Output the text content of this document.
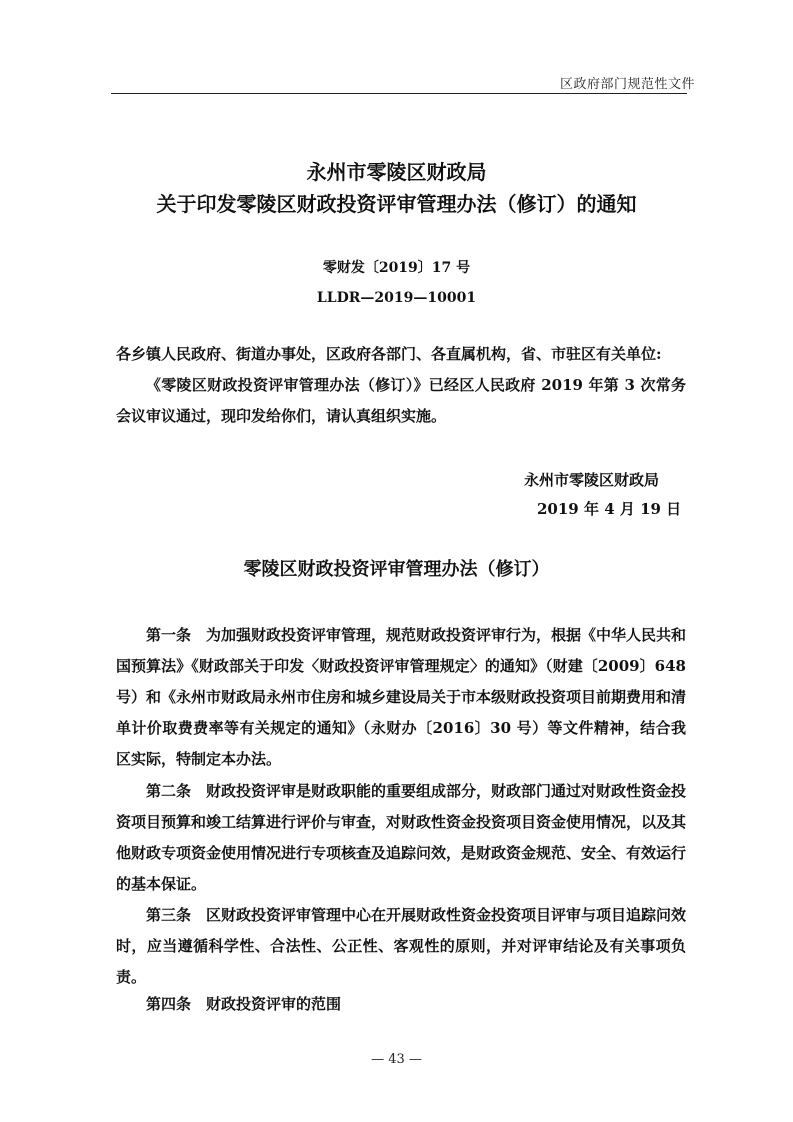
区政府部门规范性文件
永州市零陵区财政局
关于印发零陵区财政投资评审管理办法（修订）的通知
零财发〔2019〕17 号
LLDR—2019—10001
各乡镇人民政府、街道办事处，区政府各部门、各直属机构，省、市驻区有关单位:
《零陵区财政投资评审管理办法（修订）》已经区人民政府 2019 年第 3 次常务会议审议通过，现印发给你们，请认真组织实施。
永州市零陵区财政局
2019 年 4 月 19 日
零陵区财政投资评审管理办法（修订）
第一条　为加强财政投资评审管理，规范财政投资评审行为，根据《中华人民共和国预算法》《财政部关于印发〈财政投资评审管理规定〉的通知》（财建〔2009〕648 号）和《永州市财政局永州市住房和城乡建设局关于市本级财政投资项目前期费用和清单计价取费费率等有关规定的通知》（永财办〔2016〕30 号）等文件精神，结合我区实际，特制定本办法。
第二条　财政投资评审是财政职能的重要组成部分，财政部门通过对财政性资金投资项目预算和竣工结算进行评价与审查，对财政性资金投资项目资金使用情况，以及其他财政专项资金使用情况进行专项核查及追踪问效，是财政资金规范、安全、有效运行的基本保证。
第三条　区财政投资评审管理中心在开展财政性资金投资项目评审与项目追踪问效时，应当遵循科学性、合法性、公正性、客观性的原则，并对评审结论及有关事项负责。
第四条　财政投资评审的范围
— 43 —
